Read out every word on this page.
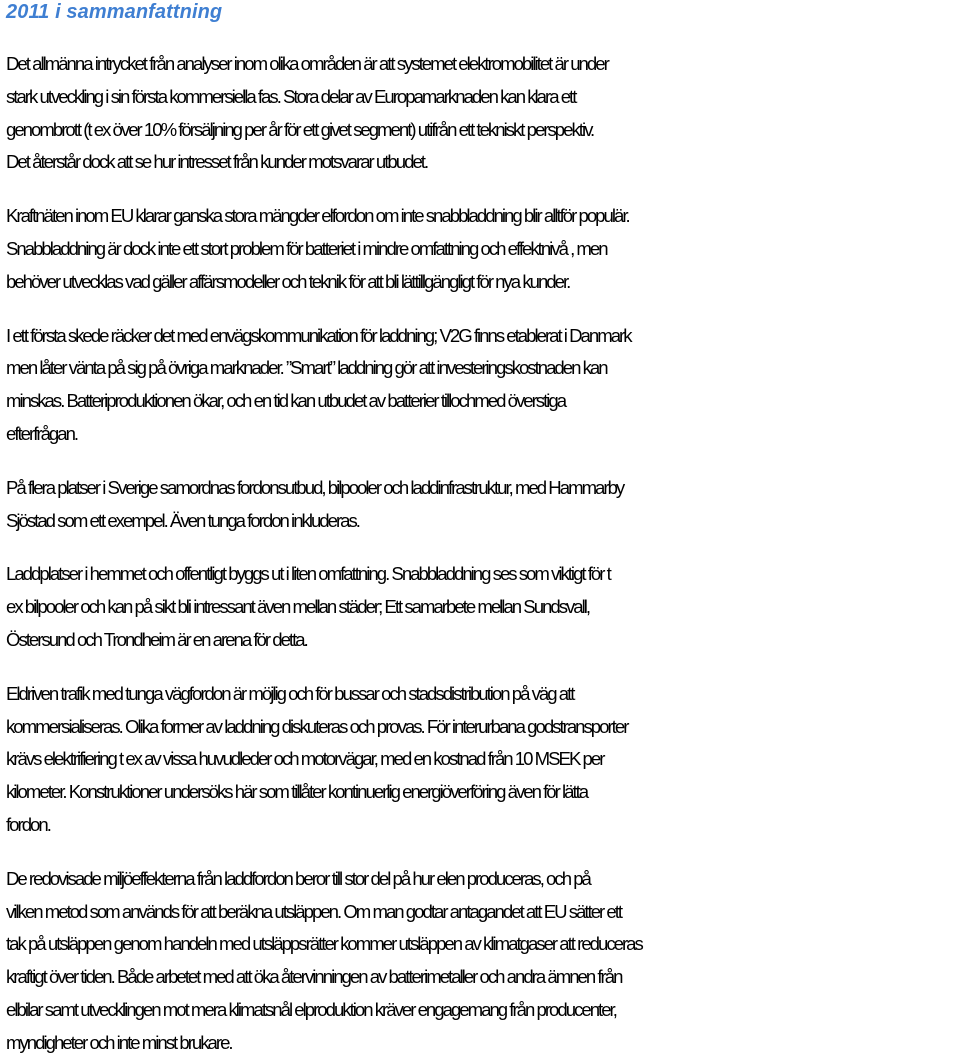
2011 i sammanfattning

Det allmänna intrycket från analyser inom olika områden är att systemet elektromobilitet är under
stark utveckling i sin första kommersiella fas. Stora delar av Europamarknaden kan klara ett
genombrott (t ex över 10% försäljning per år för ett givet segment) utifrån ett tekniskt perspektiv.
Det återstår dock att se hur intresset från kunder motsvarar utbudet.

Kraftnäten inom EU klarar ganska stora mängder elfordon om inte snabbladdning blir alltför populär.
Snabbladdning är dock inte ett stort problem för batteriet i mindre omfattning och effektnivå , men
behöver utvecklas vad gäller affärsmodeller och teknik för att bli lättillgängligt för nya kunder.

I ett första skede räcker det med envägskommunikation för laddning; V2G finns etablerat i Danmark
men låter vänta på sig på övriga marknader. ”Smart” laddning gör att investeringskostnaden kan
minskas. Batteriproduktionen ökar, och en tid kan utbudet av batterier tillochmed överstiga
efterfrågan.

På flera platser i Sverige samordnas fordonsutbud, bilpooler och laddinfrastruktur, med Hammarby
Sjöstad som ett exempel. Även tunga fordon inkluderas.

Laddplatser i hemmet och offentligt byggs ut i liten omfattning. Snabbladdning ses som viktigt för t
ex bilpooler och kan på sikt bli intressant även mellan städer; Ett samarbete mellan Sundsvall,
Östersund och Trondheim är en arena för detta.

Eldriven trafik med tunga vägfordon är möjlig och för bussar och stadsdistribution på väg att
kommersialiseras. Olika former av laddning diskuteras och provas. För interurbana godstransporter
krävs elektrifiering t ex av vissa huvudleder och motorvägar, med en kostnad från 10 MSEK per
kilometer. Konstruktioner undersöks här som tillåter kontinuerlig energiöverföring även för lätta
fordon.

De redovisade miljöeffekterna från laddfordon beror till stor del på hur elen produceras, och på
vilken metod som används för att beräkna utsläppen. Om man godtar antagandet att EU sätter ett
tak på utsläppen genom handeln med utsläppsrätter kommer utsläppen av klimatgaser att reduceras
kraftigt över tiden. Både arbetet med att öka återvinningen av batterimetaller och andra ämnen från
elbilar samt utvecklingen mot mera klimatsnål elproduktion kräver engagemang från producenter,
myndigheter och inte minst brukare.
